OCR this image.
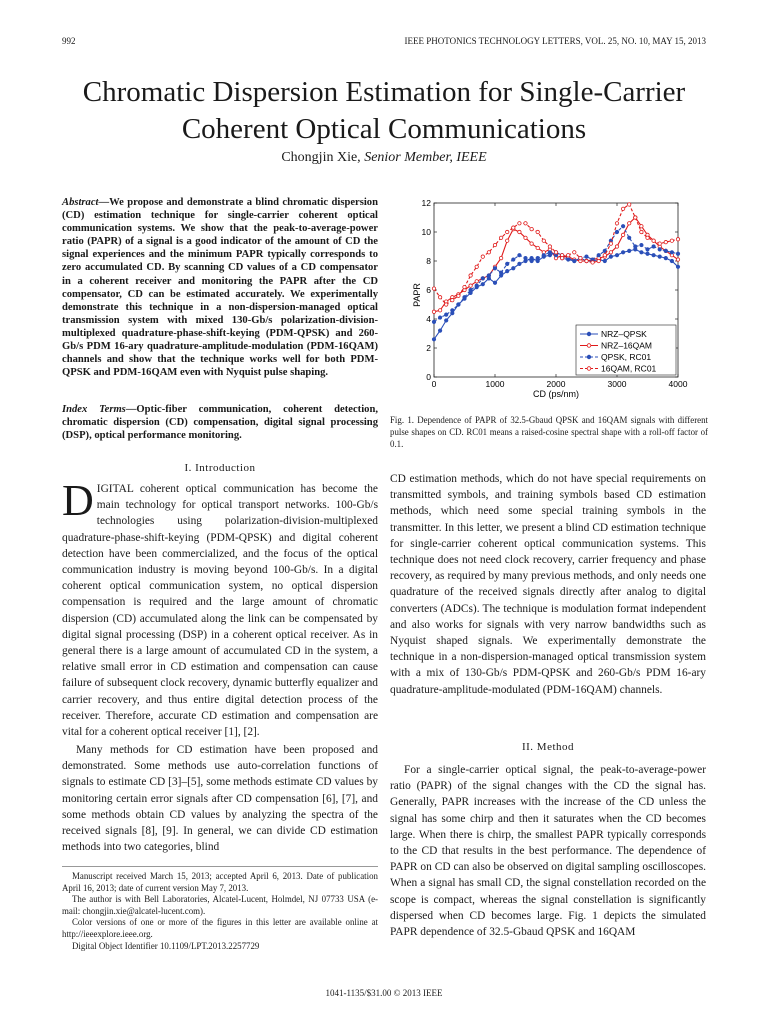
992	IEEE PHOTONICS TECHNOLOGY LETTERS, VOL. 25, NO. 10, MAY 15, 2013
Chromatic Dispersion Estimation for Single-Carrier Coherent Optical Communications
Chongjin Xie, Senior Member, IEEE
Abstract—We propose and demonstrate a blind chromatic dispersion (CD) estimation technique for single-carrier coherent optical communication systems. We show that the peak-to-average-power ratio (PAPR) of a signal is a good indicator of the amount of CD the signal experiences and the minimum PAPR typically corresponds to zero accumulated CD. By scanning CD values of a CD compensator in a coherent receiver and monitoring the PAPR after the CD compensator, CD can be estimated accurately. We experimentally demonstrate this technique in a non-dispersion-managed optical transmission system with mixed 130-Gb/s polarization-division-multiplexed quadrature-phase-shift-keying (PDM-QPSK) and 260-Gb/s PDM 16-ary quadrature-amplitude-modulation (PDM-16QAM) channels and show that the technique works well for both PDM-QPSK and PDM-16QAM even with Nyquist pulse shaping.
Index Terms—Optic-fiber communication, coherent detection, chromatic dispersion (CD) compensation, digital signal processing (DSP), optical performance monitoring.
I. Introduction

DIGITAL coherent optical communication has become the main technology for optical transport networks. 100-Gb/s technologies using polarization-division-multiplexed quadrature-phase-shift-keying (PDM-QPSK) and digital coherent detection have been commercialized, and the focus of the optical communication industry is moving beyond 100-Gb/s. In a digital coherent optical communication system, no optical dispersion compensation is required and the large amount of chromatic dispersion (CD) accumulated along the link can be compensated by digital signal processing (DSP) in a coherent optical receiver. As in general there is a large amount of accumulated CD in the system, a relative small error in CD estimation and compensation can cause failure of subsequent clock recovery, dynamic butterfly equalizer and carrier recovery, and thus entire digital detection process of the receiver. Therefore, accurate CD estimation and compensation are vital for a coherent optical receiver [1], [2].

Many methods for CD estimation have been proposed and demonstrated. Some methods use auto-correlation functions of signals to estimate CD [3]–[5], some methods estimate CD values by monitoring certain error signals after CD compensation [6], [7], and some methods obtain CD values by analyzing the spectra of the received signals [8], [9]. In general, we can divide CD estimation methods into two categories, blind

Manuscript received March 15, 2013; accepted April 6, 2013. Date of publication April 16, 2013; date of current version May 7, 2013.

The author is with Bell Laboratories, Alcatel-Lucent, Holmdel, NJ 07733 USA (e-mail: chongjin.xie@alcatel-lucent.com).

Color versions of one or more of the figures in this letter are available online at http://ieeexplore.ieee.org.

Digital Object Identifier 10.1109/LPT.2013.2257729

0
2
4
6
8
10
12
0	1000	2000	3000	4000
PAPR
CD (ps/nm)
NRZ–QPSK
NRZ–16QAM
QPSK, RC01
16QAM, RC01
Fig. 1. Dependence of PAPR of 32.5-Gbaud QPSK and 16QAM signals with different pulse shapes on CD. RC01 means a raised-cosine spectral shape with a roll-off factor of 0.1.

CD estimation methods, which do not have special requirements on transmitted symbols, and training symbols based CD estimation methods, which need some special training symbols in the transmitter. In this letter, we present a blind CD estimation technique for single-carrier coherent optical communication systems. This technique does not need clock recovery, carrier frequency and phase recovery, as required by many previous methods, and only needs one quadrature of the received signals directly after analog to digital converters (ADCs). The technique is modulation format independent and also works for signals with very narrow bandwidths such as Nyquist shaped signals. We experimentally demonstrate the technique in a non-dispersion-managed optical transmission system with a mix of 130-Gb/s PDM-QPSK and 260-Gb/s PDM 16-ary quadrature-amplitude-modulated (PDM-16QAM) channels.

II. Method

For a single-carrier optical signal, the peak-to-average-power ratio (PAPR) of the signal changes with the CD the signal has. Generally, PAPR increases with the increase of the CD unless the signal has some chirp and then it saturates when the CD becomes large. When there is chirp, the smallest PAPR typically corresponds to the CD that results in the best performance. The dependence of PAPR on CD can also be observed on digital sampling oscilloscopes. When a signal has small CD, the signal constellation recorded on the scope is compact, whereas the signal constellation is significantly dispersed when CD becomes large. Fig. 1 depicts the simulated PAPR dependence of 32.5-Gbaud QPSK and 16QAM

1041-1135/$31.00 © 2013 IEEE
